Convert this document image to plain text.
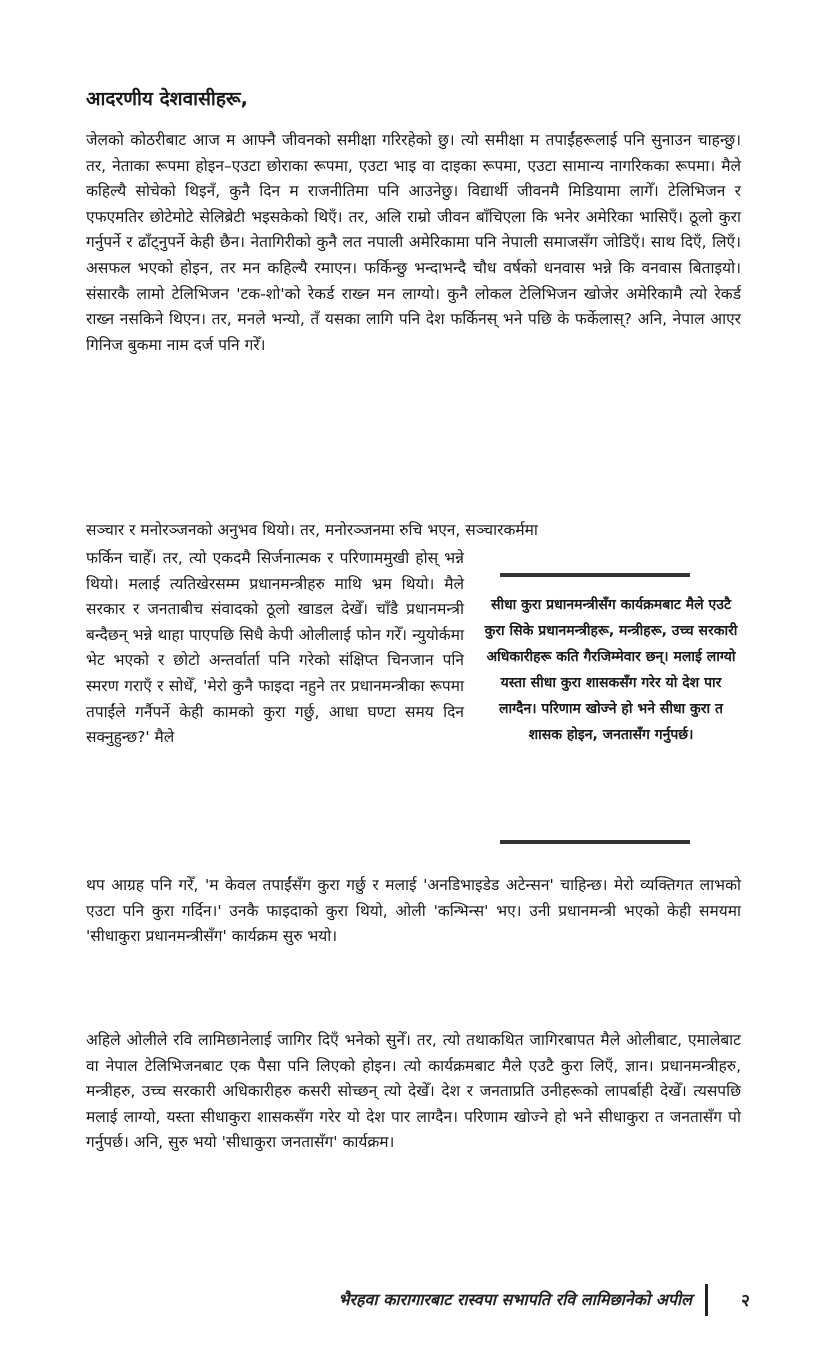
आदरणीय देशवासीहरू,

जेलको कोठरीबाट आज म आफ्नै जीवनको समीक्षा गरिरहेको छु। त्यो समीक्षा म तपाईंहरूलाई पनि सुनाउन चाहन्छु। तर, नेताका रूपमा होइन–एउटा छोराका रूपमा, एउटा भाइ वा दाइका रूपमा, एउटा सामान्य नागरिकका रूपमा। मैले कहिल्यै सोचेको थिइनँ, कुनै दिन म राजनीतिमा पनि आउनेछु। विद्यार्थी जीवनमै मिडियामा लागेँ। टेलिभिजन र एफएमतिर छोटेमोटे सेलिब्रेटी भइसकेको थिएँ। तर, अलि राम्रो जीवन बाँचिएला कि भनेर अमेरिका भासिएँ। ठूलो कुरा गर्नुपर्ने र ढाँट्नुपर्ने केही छैन। नेतागिरीको कुनै लत नपाली अमेरिकामा पनि नेपाली समाजसँग जोडिएँ। साथ दिएँ, लिएँ। असफल भएको होइन, तर मन कहिल्यै रमाएन। फर्किन्छु भन्दाभन्दै चौध वर्षको धनवास भन्ने कि वनवास बिताइयो। संसारकै लामो टेलिभिजन 'टक-शो'को रेकर्ड राख्न मन लाग्यो। कुनै लोकल टेलिभिजन खोजेर अमेरिकामै त्यो रेकर्ड राख्न नसकिने थिएन। तर, मनले भन्यो, तँ यसका लागि पनि देश फर्किनस् भने पछि के फर्केलास्? अनि, नेपाल आएर गिनिज बुकमा नाम दर्ज पनि गरेँ।

सञ्चार र मनोरञ्जनको अनुभव थियो। तर, मनोरञ्जनमा रुचि भएन, सञ्चारकर्ममा

फर्किन चाहेँ। तर, त्यो एकदमै सिर्जनात्मक र परिणाममुखी होस् भन्ने थियो। मलाई त्यतिखेरसम्म प्रधानमन्त्रीहरु माथि भ्रम थियो। मैले सरकार र जनताबीच संवादको ठूलो खाडल देखेँ। चाँडै प्रधानमन्त्री बन्दैछन् भन्ने थाहा पाएपछि सिधै केपी ओलीलाई फोन गरेँ। न्युयोर्कमा भेट भएको र छोटो अन्तर्वार्ता पनि गरेको संक्षिप्त चिनजान पनि स्मरण गराएँ र सोधेँ, 'मेरो कुनै फाइदा नहुने तर प्रधानमन्त्रीका रूपमा तपाईंले गर्नैपर्ने केही कामको कुरा गर्छु, आधा घण्टा समय दिन सक्नुहुन्छ?' मैले

सीधा कुरा प्रधानमन्त्रीसँग कार्यक्रमबाट मैले एउटै कुरा सिके प्रधानमन्त्रीहरू, मन्त्रीहरू, उच्च सरकारी अधिकारीहरू कति गैरजिम्मेवार छन्। मलाई लाग्यो यस्ता सीधा कुरा शासकसँग गरेर यो देश पार लाग्दैन। परिणाम खोज्ने हो भने सीधा कुरा त शासक होइन, जनतासँग गर्नुपर्छ।

थप आग्रह पनि गरेँ, 'म केवल तपाईंसँग कुरा गर्छु र मलाई 'अनडिभाइडेड अटेन्सन' चाहिन्छ। मेरो व्यक्तिगत लाभको एउटा पनि कुरा गर्दिन।' उनकै फाइदाको कुरा थियो, ओली 'कन्भिन्स' भए। उनी प्रधानमन्त्री भएको केही समयमा 'सीधाकुरा प्रधानमन्त्रीसँग' कार्यक्रम सुरु भयो।

अहिले ओलीले रवि लामिछानेलाई जागिर दिएँ भनेको सुनेँ। तर, त्यो तथाकथित जागिरबापत मैले ओलीबाट, एमालेबाट वा नेपाल टेलिभिजनबाट एक पैसा पनि लिएको होइन। त्यो कार्यक्रमबाट मैले एउटै कुरा लिएँ, ज्ञान। प्रधानमन्त्रीहरु, मन्त्रीहरु, उच्च सरकारी अधिकारीहरु कसरी सोच्छन् त्यो देखेँ। देश र जनताप्रति उनीहरूको लापर्बाही देखेँ। त्यसपछि मलाई लाग्यो, यस्ता सीधाकुरा शासकसँग गरेर यो देश पार लाग्दैन। परिणाम खोज्ने हो भने सीधाकुरा त जनतासँग पो गर्नुपर्छ। अनि, सुरु भयो 'सीधाकुरा जनतासँग' कार्यक्रम।

भैरहवा कारागारबाट रास्वपा सभापति रवि लामिछानेको अपील	२
